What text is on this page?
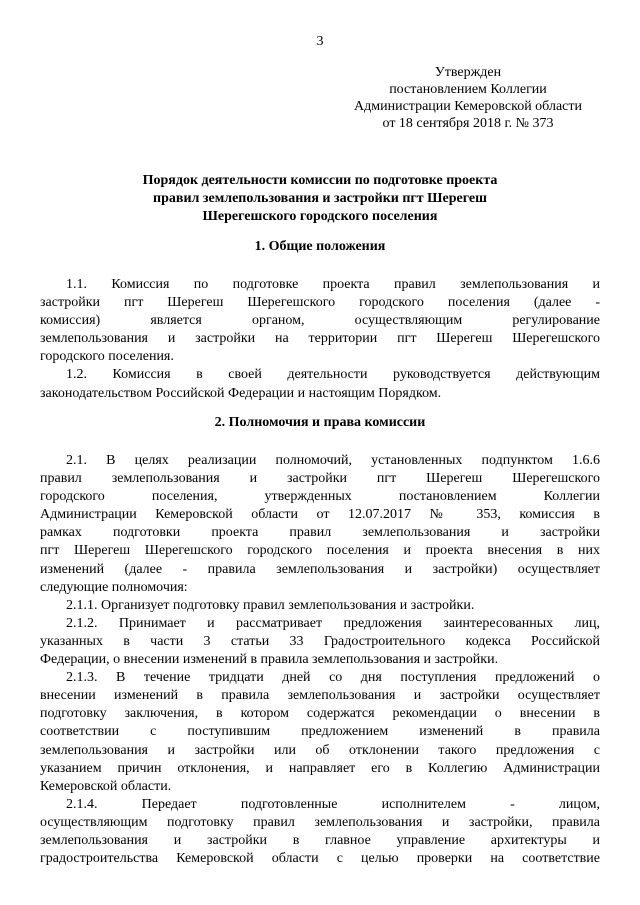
3
Утвержден
постановлением Коллегии
Администрации Кемеровской области
от 18 сентября 2018 г. № 373
Порядок деятельности комиссии по подготовке проекта
правил землепользования и застройки пгт Шерегеш
Шерегешского городского поселения
1. Общие положения
1.1. Комиссия по подготовке проекта правил землепользования и
застройки пгт Шерегеш Шерегешского городского поселения (далее -
комиссия) является органом, осуществляющим регулирование
землепользования и застройки на территории пгт Шерегеш Шерегешского
городского поселения.
1.2. Комиссия в своей деятельности руководствуется действующим
законодательством Российской Федерации и настоящим Порядком.
2. Полномочия и права комиссии
2.1. В целях реализации полномочий, установленных подпунктом 1.6.6
правил землепользования и застройки пгт Шерегеш Шерегешского
городского поселения, утвержденных постановлением Коллегии
Администрации Кемеровской области от 12.07.2017 № 353, комиссия в
рамках подготовки проекта правил землепользования и застройки
пгт Шерегеш Шерегешского городского поселения и проекта внесения в них
изменений (далее - правила землепользования и застройки) осуществляет
следующие полномочия:
2.1.1. Организует подготовку правил землепользования и застройки.
2.1.2. Принимает и рассматривает предложения заинтересованных лиц,
указанных в части 3 статьи 33 Градостроительного кодекса Российской
Федерации, о внесении изменений в правила землепользования и застройки.
2.1.3. В течение тридцати дней со дня поступления предложений о
внесении изменений в правила землепользования и застройки осуществляет
подготовку заключения, в котором содержатся рекомендации о внесении в
соответствии с поступившим предложением изменений в правила
землепользования и застройки или об отклонении такого предложения с
указанием причин отклонения, и направляет его в Коллегию Администрации
Кемеровской области.
2.1.4. Передает подготовленные исполнителем - лицом,
осуществляющим подготовку правил землепользования и застройки, правила
землепользования и застройки в главное управление архитектуры и
градостроительства Кемеровской области с целью проверки на соответствие
